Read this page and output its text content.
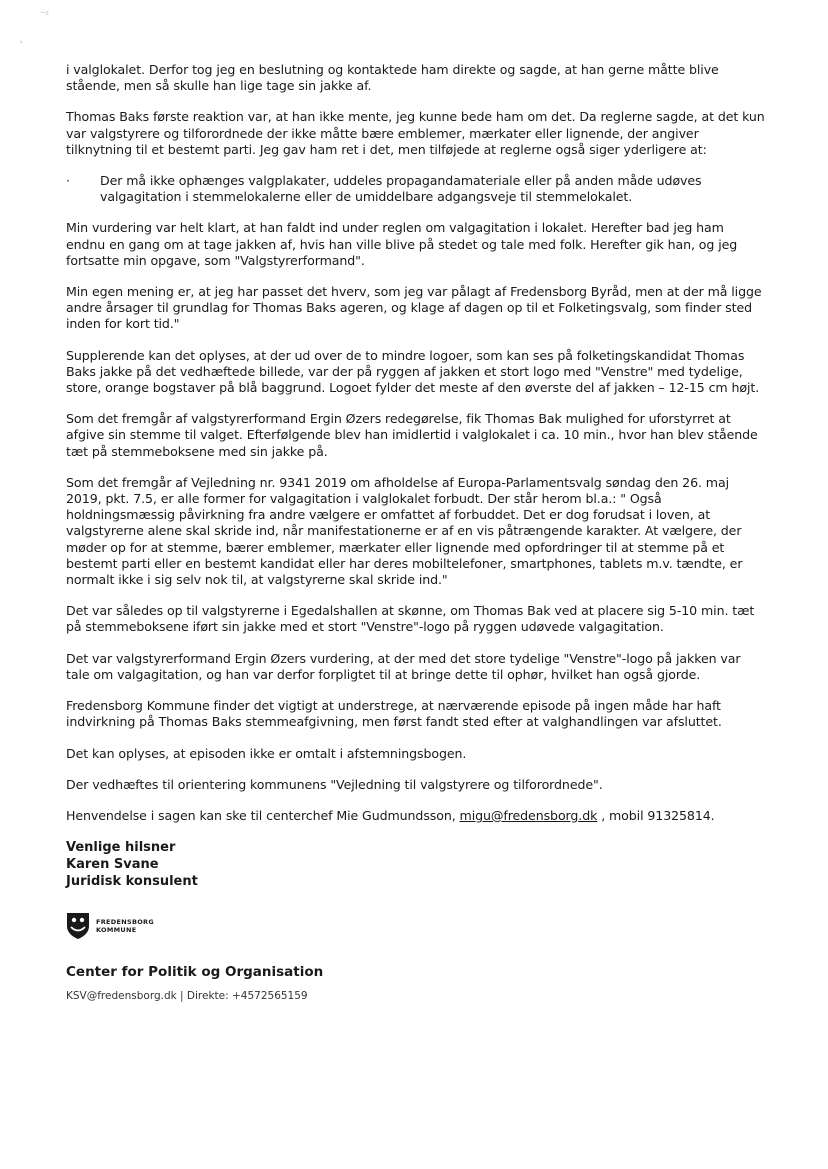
⁻ˢ
ʾ

i valglokalet. Derfor tog jeg en beslutning og kontaktede ham direkte og sagde, at han gerne måtte blive stående, men så skulle han lige tage sin jakke af.

Thomas Baks første reaktion var, at han ikke mente, jeg kunne bede ham om det. Da reglerne sagde, at det kun var valgstyrere og tilforordnede der ikke måtte bære emblemer, mærkater eller lignende, der angiver tilknytning til et bestemt parti. Jeg gav ham ret i det, men tilføjede at reglerne også siger yderligere at:

·	Der må ikke ophænges valgplakater, uddeles propagandamateriale eller på anden måde udøves valgagitation i stemmelokalerne eller de umiddelbare adgangsveje til stemmelokalet.

Min vurdering var helt klart, at han faldt ind under reglen om valgagitation i lokalet. Herefter bad jeg ham endnu en gang om at tage jakken af, hvis han ville blive på stedet og tale med folk. Herefter gik han, og jeg fortsatte min opgave, som "Valgstyrerformand".

Min egen mening er, at jeg har passet det hverv, som jeg var pålagt af Fredensborg Byråd, men at der må ligge andre årsager til grundlag for Thomas Baks ageren, og klage af dagen op til et Folketingsvalg, som finder sted inden for kort tid."

Supplerende kan det oplyses, at der ud over de to mindre logoer, som kan ses på folketingskandidat Thomas Baks jakke på det vedhæftede billede, var der på ryggen af jakken et stort logo med "Venstre" med tydelige, store, orange bogstaver på blå baggrund. Logoet fylder det meste af den øverste del af jakken – 12-15 cm højt.

Som det fremgår af valgstyrerformand Ergin Øzers redegørelse, fik Thomas Bak mulighed for uforstyrret at afgive sin stemme til valget. Efterfølgende blev han imidlertid i valglokalet i ca. 10 min., hvor han blev stående tæt på stemmeboksene med sin jakke på.

Som det fremgår af Vejledning nr. 9341 2019 om afholdelse af Europa-Parlamentsvalg søndag den 26. maj 2019, pkt. 7.5, er alle former for valgagitation i valglokalet forbudt. Der står herom bl.a.: " Også holdningsmæssig påvirkning fra andre vælgere er omfattet af forbuddet. Det er dog forudsat i loven, at valgstyrerne alene skal skride ind, når manifestationerne er af en vis påtrængende karakter. At vælgere, der møder op for at stemme, bærer emblemer, mærkater eller lignende med opfordringer til at stemme på et bestemt parti eller en bestemt kandidat eller har deres mobiltelefoner, smartphones, tablets m.v. tændte, er normalt ikke i sig selv nok til, at valgstyrerne skal skride ind."

Det var således op til valgstyrerne i Egedalshallen at skønne, om Thomas Bak ved at placere sig 5-10 min. tæt på stemmeboksene iført sin jakke med et stort "Venstre"-logo på ryggen udøvede valgagitation.

Det var valgstyrerformand Ergin Øzers vurdering, at der med det store tydelige "Venstre"-logo på jakken var tale om valgagitation, og han var derfor forpligtet til at bringe dette til ophør, hvilket han også gjorde.

Fredensborg Kommune finder det vigtigt at understrege, at nærværende episode på ingen måde har haft indvirkning på Thomas Baks stemmeafgivning, men først fandt sted efter at valghandlingen var afsluttet.

Det kan oplyses, at episoden ikke er omtalt i afstemningsbogen.

Der vedhæftes til orientering kommunens "Vejledning til valgstyrere og tilforordnede".

Henvendelse i sagen kan ske til centerchef Mie Gudmundsson, migu@fredensborg.dk , mobil 91325814.

Venlige hilsner
Karen Svane
Juridisk konsulent
FREDENSBORG
KOMMUNE
Center for Politik og Organisation
KSV@fredensborg.dk | Direkte: +4572565159
